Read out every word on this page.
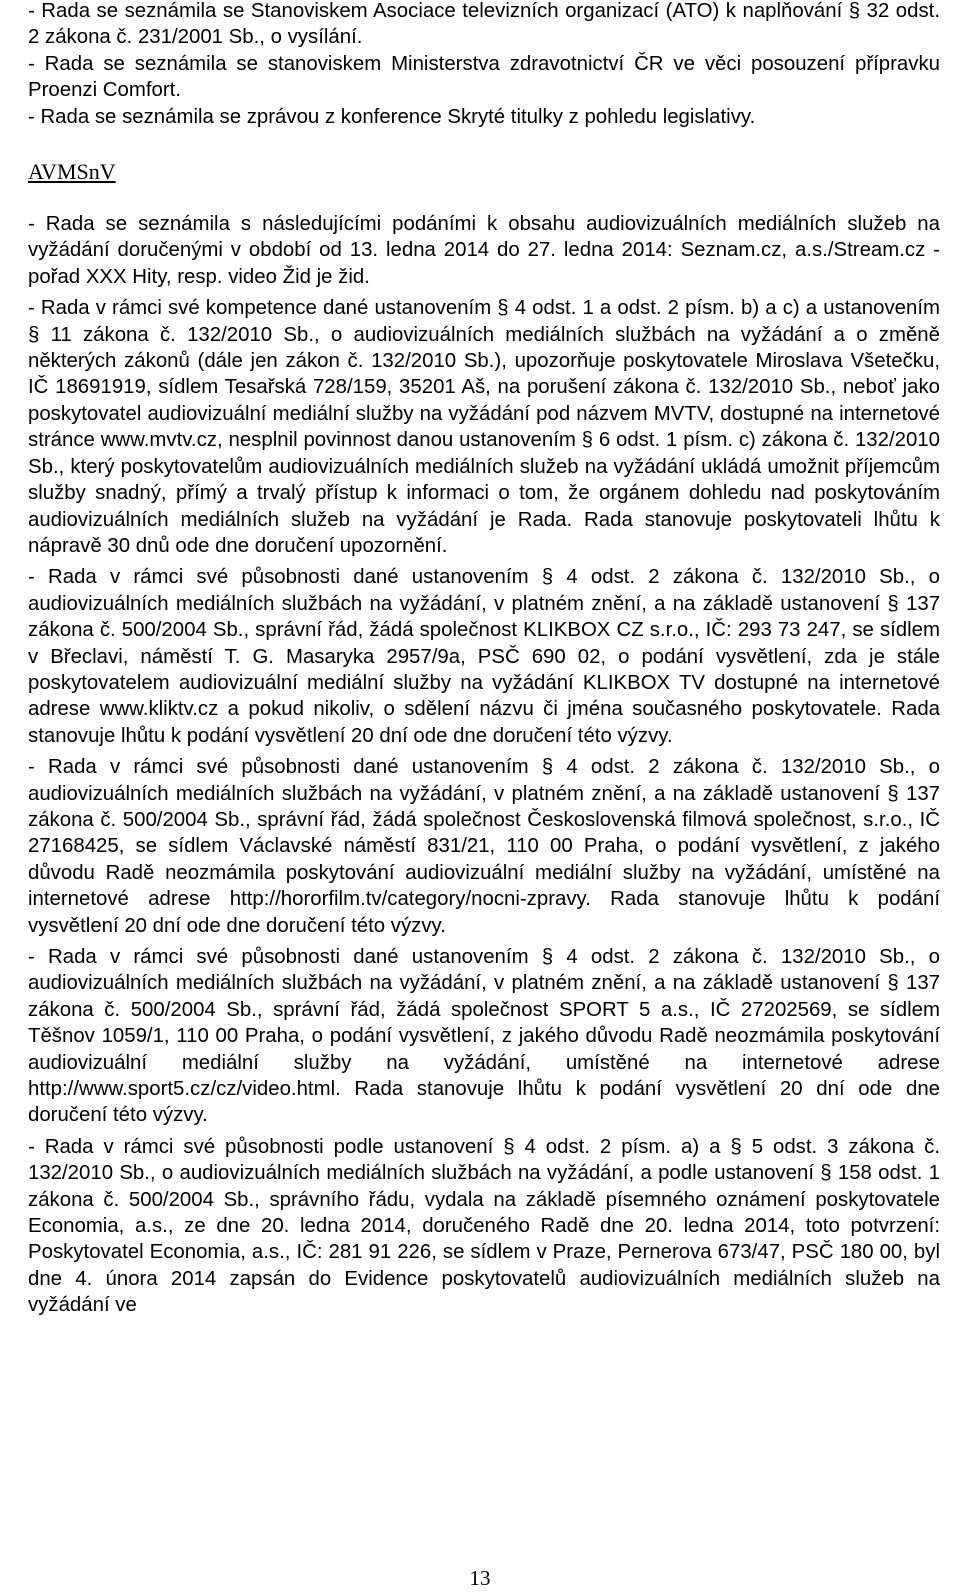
- Rada se seznámila se Stanoviskem Asociace televizních organizací (ATO) k naplňování § 32 odst. 2 zákona č. 231/2001 Sb., o vysílání.

- Rada se seznámila se stanoviskem Ministerstva zdravotnictví ČR ve věci posouzení přípravku Proenzi Comfort.

- Rada se seznámila se zprávou z konference Skryté titulky z pohledu legislativy.

AVMSnV

- Rada se seznámila s následujícími podáními k obsahu audiovizuálních mediálních služeb na vyžádání doručenými v období od 13. ledna 2014 do 27. ledna 2014: Seznam.cz, a.s./Stream.cz - pořad XXX Hity, resp. video Žid je žid.

- Rada v rámci své kompetence dané ustanovením § 4 odst. 1 a odst. 2 písm. b) a c) a ustanovením § 11 zákona č. 132/2010 Sb., o audiovizuálních mediálních službách na vyžádání a o změně některých zákonů (dále jen zákon č. 132/2010 Sb.), upozorňuje poskytovatele Miroslava Všetečku, IČ 18691919, sídlem Tesařská 728/159, 35201 Aš, na porušení zákona č. 132/2010 Sb., neboť jako poskytovatel audiovizuální mediální služby na vyžádání pod názvem MVTV, dostupné na internetové stránce www.mvtv.cz, nesplnil povinnost danou ustanovením § 6 odst. 1 písm. c) zákona č. 132/2010 Sb., který poskytovatelům audiovizuálních mediálních služeb na vyžádání ukládá umožnit příjemcům služby snadný, přímý a trvalý přístup k informaci o tom, že orgánem dohledu nad poskytováním audiovizuálních mediálních služeb na vyžádání je Rada. Rada stanovuje poskytovateli lhůtu k nápravě 30 dnů ode dne doručení upozornění.

- Rada v rámci své působnosti dané ustanovením § 4 odst. 2 zákona č. 132/2010 Sb., o audiovizuálních mediálních službách na vyžádání, v platném znění, a na základě ustanovení § 137 zákona č. 500/2004 Sb., správní řád, žádá společnost KLIKBOX CZ s.r.o., IČ: 293 73 247, se sídlem v Břeclavi, náměstí T. G. Masaryka 2957/9a, PSČ 690 02, o podání vysvětlení, zda je stále poskytovatelem audiovizuální mediální služby na vyžádání KLIKBOX TV dostupné na internetové adrese www.kliktv.cz a pokud nikoliv, o sdělení názvu či jména současného poskytovatele. Rada stanovuje lhůtu k podání vysvětlení 20 dní ode dne doručení této výzvy.

- Rada v rámci své působnosti dané ustanovením § 4 odst. 2 zákona č. 132/2010 Sb., o audiovizuálních mediálních službách na vyžádání, v platném znění, a na základě ustanovení § 137 zákona č. 500/2004 Sb., správní řád, žádá společnost Československá filmová společnost, s.r.o., IČ 27168425, se sídlem Václavské náměstí 831/21, 110 00 Praha, o podání vysvětlení, z jakého důvodu Radě neozmámila poskytování audiovizuální mediální služby na vyžádání, umístěné na internetové adrese http://hororfilm.tv/category/nocni-zpravy. Rada stanovuje lhůtu k podání vysvětlení 20 dní ode dne doručení této výzvy.

- Rada v rámci své působnosti dané ustanovením § 4 odst. 2 zákona č. 132/2010 Sb., o audiovizuálních mediálních službách na vyžádání, v platném znění, a na základě ustanovení § 137 zákona č. 500/2004 Sb., správní řád, žádá společnost SPORT 5 a.s., IČ 27202569, se sídlem Těšnov 1059/1, 110 00 Praha, o podání vysvětlení, z jakého důvodu Radě neozmámila poskytování audiovizuální mediální služby na vyžádání, umístěné na internetové adrese http://www.sport5.cz/cz/video.html. Rada stanovuje lhůtu k podání vysvětlení 20 dní ode dne doručení této výzvy.

- Rada v rámci své působnosti podle ustanovení § 4 odst. 2 písm. a) a § 5 odst. 3 zákona č. 132/2010 Sb., o audiovizuálních mediálních službách na vyžádání, a podle ustanovení § 158 odst. 1 zákona č. 500/2004 Sb., správního řádu, vydala na základě písemného oznámení poskytovatele Economia, a.s., ze dne 20. ledna 2014, doručeného Radě dne 20. ledna 2014, toto potvrzení: Poskytovatel Economia, a.s., IČ: 281 91 226, se sídlem v Praze, Pernerova 673/47, PSČ 180 00, byl dne 4. února 2014 zapsán do Evidence poskytovatelů audiovizuálních mediálních služeb na vyžádání ve

13
